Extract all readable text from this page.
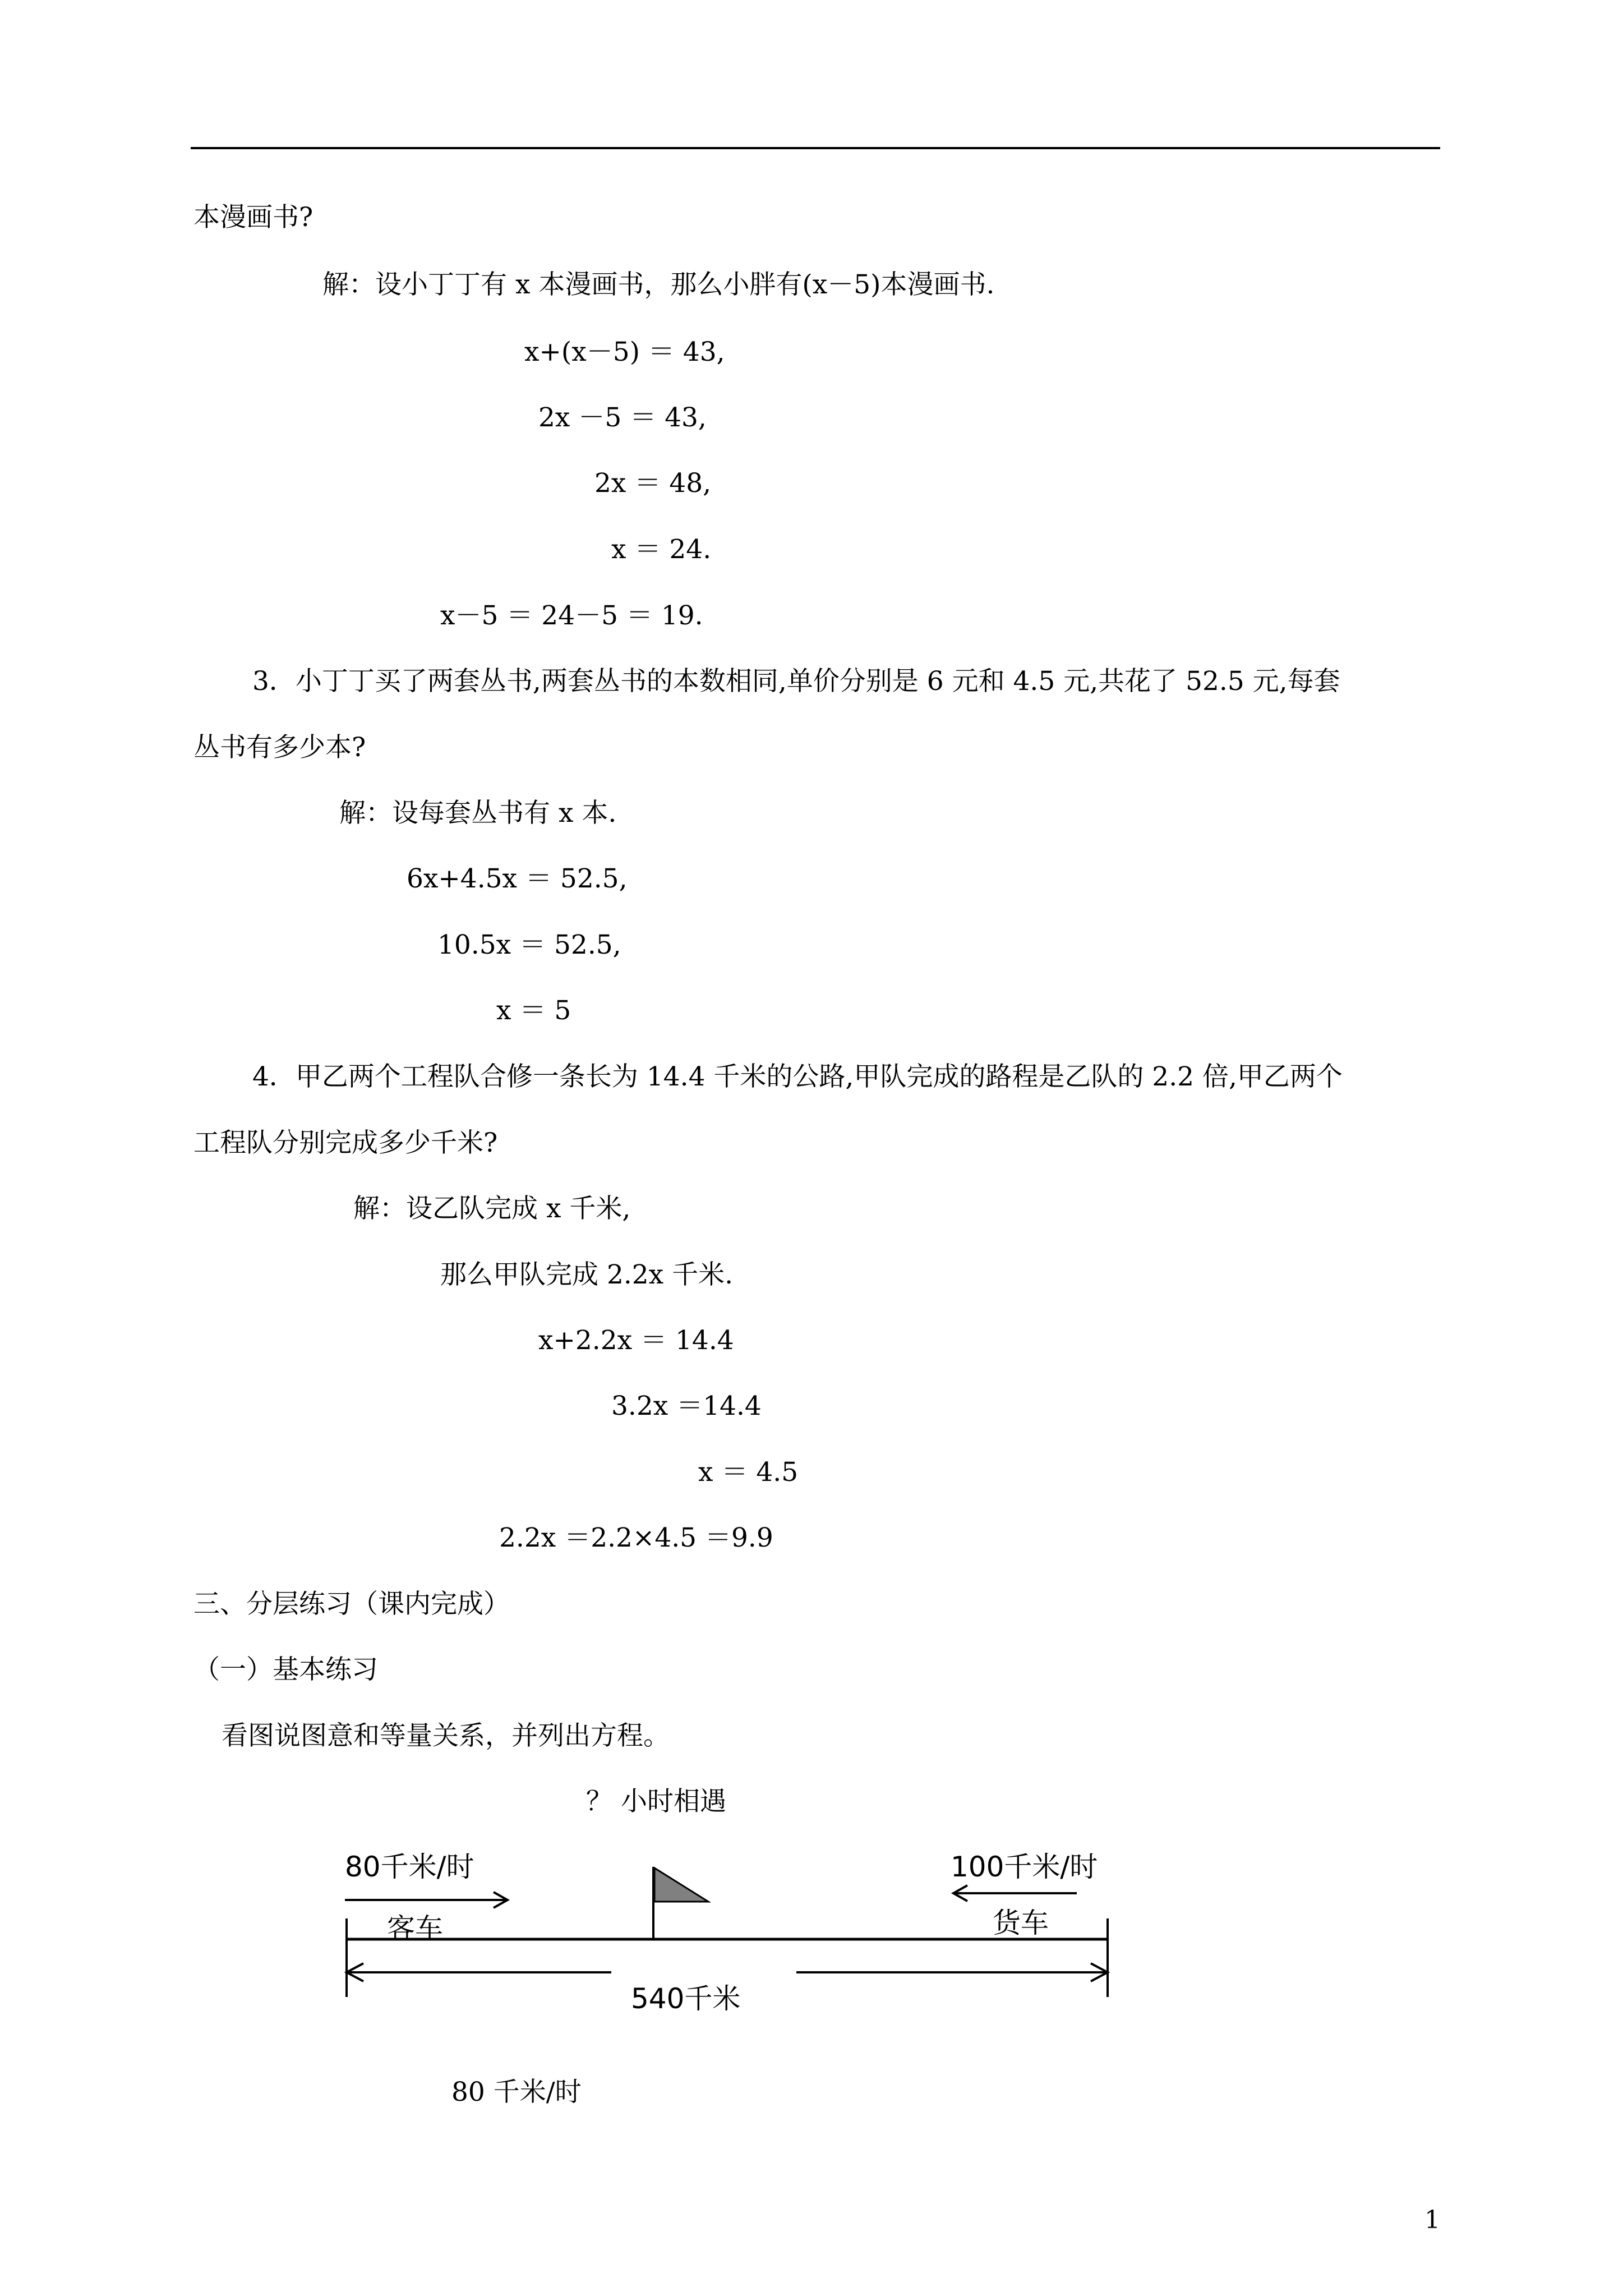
本漫画书?
解：设小丁丁有 x 本漫画书，那么小胖有(x－5)本漫画书.
x+(x－5) ＝ 43,
2x －5 ＝ 43,
2x ＝ 48,
x ＝ 24.
x－5 ＝ 24－5 ＝ 19.
3．小丁丁买了两套丛书,两套丛书的本数相同,单价分别是 6 元和 4.5 元,共花了 52.5 元,每套
丛书有多少本?
解：设每套丛书有 x 本.
6x+4.5x ＝ 52.5,
10.5x ＝ 52.5,
x ＝ 5
4．甲乙两个工程队合修一条长为 14.4 千米的公路,甲队完成的路程是乙队的 2.2 倍,甲乙两个
工程队分别完成多少千米?
解：设乙队完成 x 千米,
那么甲队完成 2.2x 千米.
x+2.2x ＝ 14.4
3.2x ＝14.4
x ＝ 4.5
2.2x ＝2.2×4.5 ＝9.9
三、分层练习（课内完成）
（一）基本练习
看图说图意和等量关系，并列出方程。
？ 小时相遇
80千米/时
客车
100千米/时
货车
540千米
80 千米/时
1
